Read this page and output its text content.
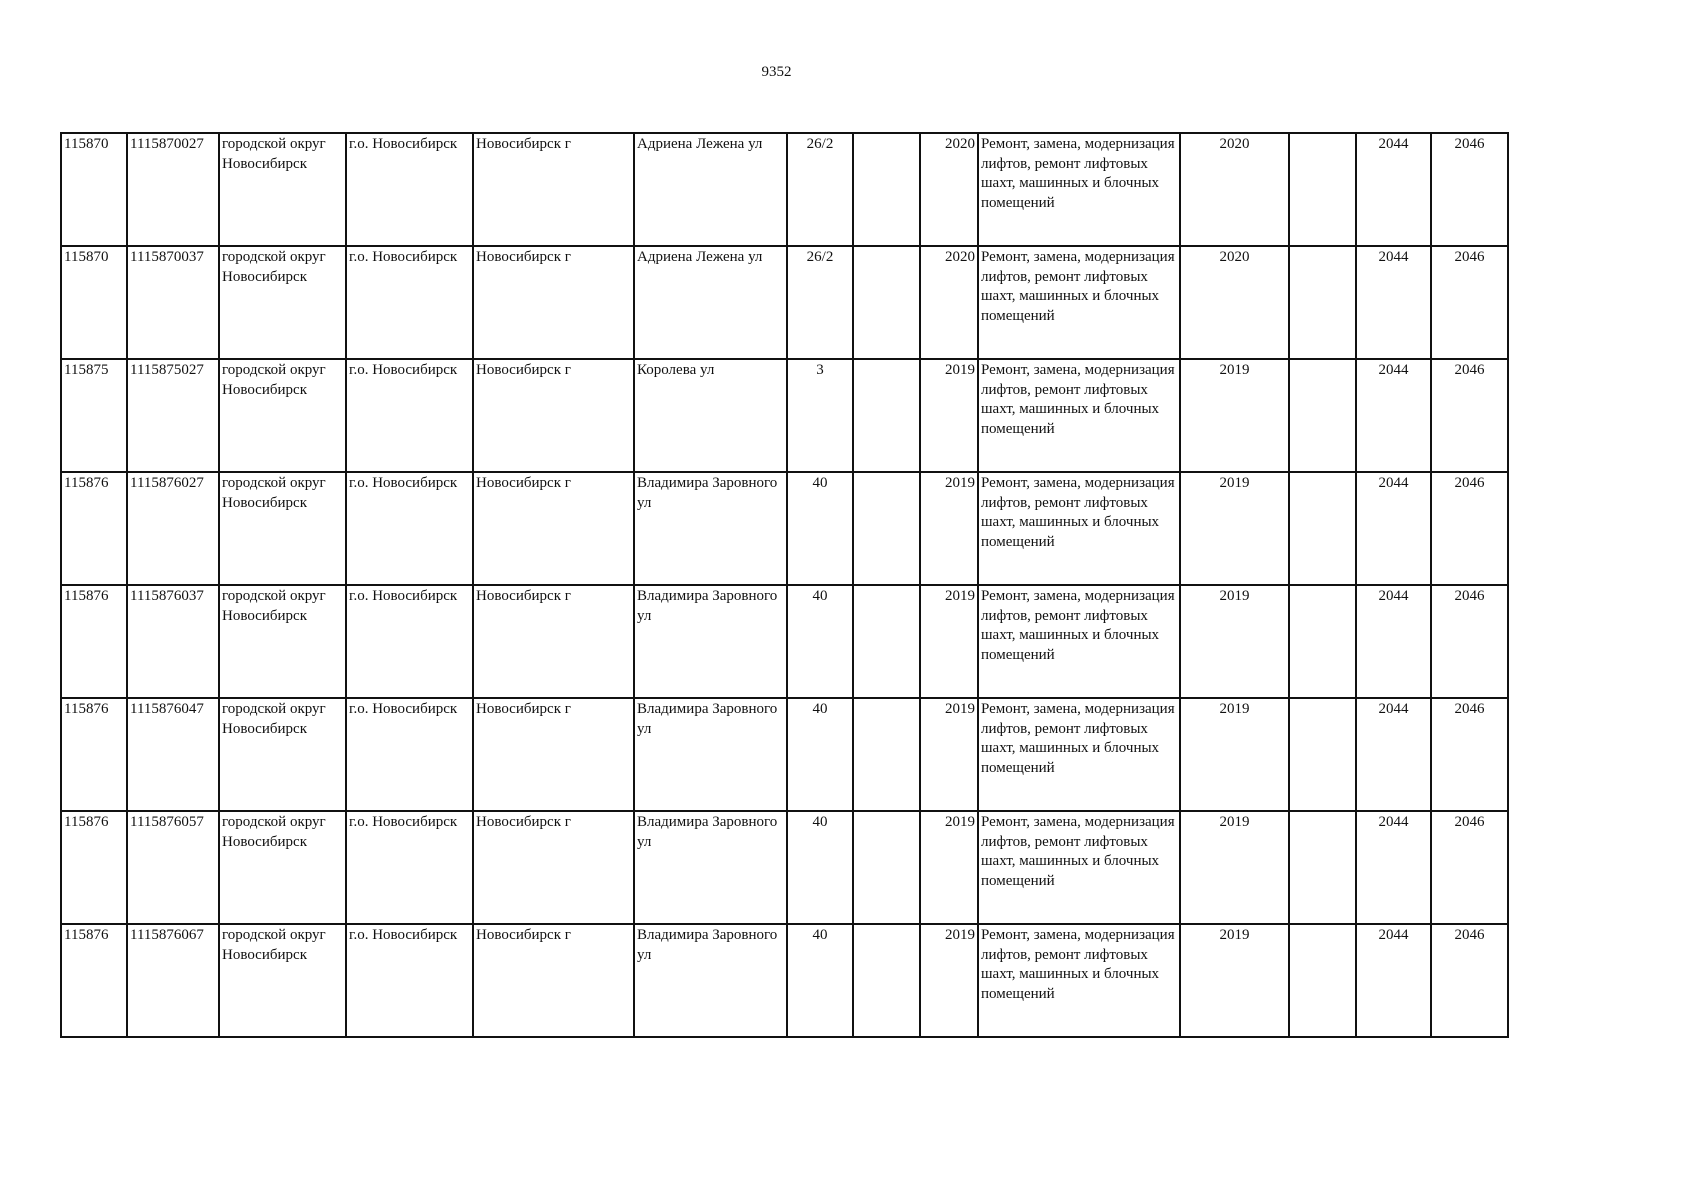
9352
115870	1115870027	городской округ Новосибирск	г.о. Новосибирск	Новосибирск г	Адриена Лежена ул	26/2		2020	Ремонт, замена, модернизация лифтов, ремонт лифтовых шахт, машинных и блочных помещений	2020		2044	2046
115870	1115870037	городской округ Новосибирск	г.о. Новосибирск	Новосибирск г	Адриена Лежена ул	26/2		2020	Ремонт, замена, модернизация лифтов, ремонт лифтовых шахт, машинных и блочных помещений	2020		2044	2046
115875	1115875027	городской округ Новосибирск	г.о. Новосибирск	Новосибирск г	Королева ул	3		2019	Ремонт, замена, модернизация лифтов, ремонт лифтовых шахт, машинных и блочных помещений	2019		2044	2046
115876	1115876027	городской округ Новосибирск	г.о. Новосибирск	Новосибирск г	Владимира Заровного ул	40		2019	Ремонт, замена, модернизация лифтов, ремонт лифтовых шахт, машинных и блочных помещений	2019		2044	2046
115876	1115876037	городской округ Новосибирск	г.о. Новосибирск	Новосибирск г	Владимира Заровного ул	40		2019	Ремонт, замена, модернизация лифтов, ремонт лифтовых шахт, машинных и блочных помещений	2019		2044	2046
115876	1115876047	городской округ Новосибирск	г.о. Новосибирск	Новосибирск г	Владимира Заровного ул	40		2019	Ремонт, замена, модернизация лифтов, ремонт лифтовых шахт, машинных и блочных помещений	2019		2044	2046
115876	1115876057	городской округ Новосибирск	г.о. Новосибирск	Новосибирск г	Владимира Заровного ул	40		2019	Ремонт, замена, модернизация лифтов, ремонт лифтовых шахт, машинных и блочных помещений	2019		2044	2046
115876	1115876067	городской округ Новосибирск	г.о. Новосибирск	Новосибирск г	Владимира Заровного ул	40		2019	Ремонт, замена, модернизация лифтов, ремонт лифтовых шахт, машинных и блочных помещений	2019		2044	2046
